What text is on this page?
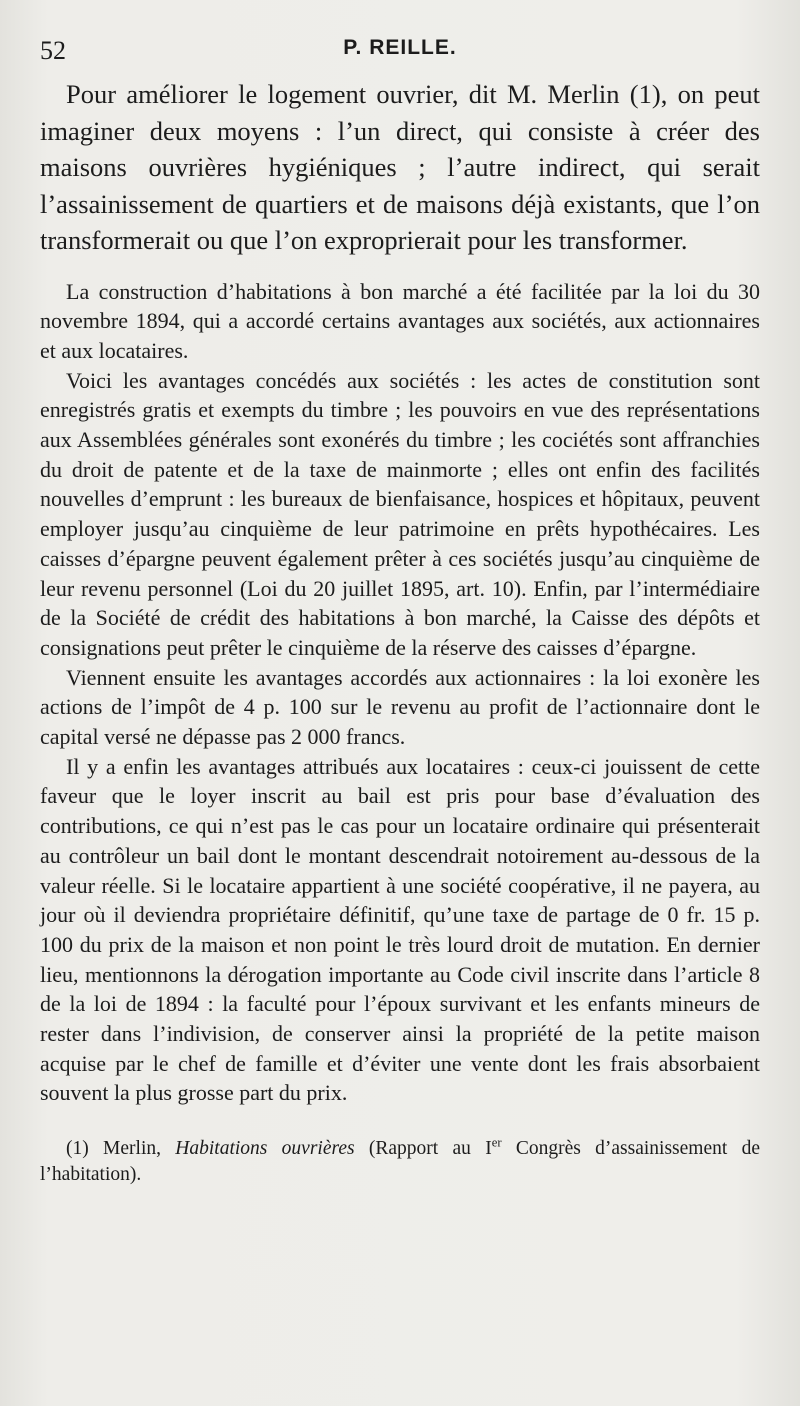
52	P. REILLE.

Pour améliorer le logement ouvrier, dit M. Merlin (1), on peut imaginer deux moyens : l’un direct, qui consiste à créer des maisons ouvrières hygiéniques ; l’autre indirect, qui serait l’assainissement de quartiers et de maisons déjà existants, que l’on transformerait ou que l’on exproprierait pour les transformer.

La construction d’habitations à bon marché a été facilitée par la loi du 30 novembre 1894, qui a accordé certains avantages aux sociétés, aux actionnaires et aux locataires.

Voici les avantages concédés aux sociétés : les actes de constitution sont enregistrés gratis et exempts du timbre ; les pouvoirs en vue des représentations aux Assemblées générales sont exonérés du timbre ; les cociétés sont affranchies du droit de patente et de la taxe de mainmorte ; elles ont enfin des facilités nouvelles d’emprunt : les bureaux de bienfaisance, hospices et hôpitaux, peuvent employer jusqu’au cinquième de leur patrimoine en prêts hypothécaires. Les caisses d’épargne peuvent également prêter à ces sociétés jusqu’au cinquième de leur revenu personnel (Loi du 20 juillet 1895, art. 10). Enfin, par l’intermédiaire de la Société de crédit des habitations à bon marché, la Caisse des dépôts et consignations peut prêter le cinquième de la réserve des caisses d’épargne.

Viennent ensuite les avantages accordés aux actionnaires : la loi exonère les actions de l’impôt de 4 p. 100 sur le revenu au profit de l’actionnaire dont le capital versé ne dépasse pas 2 000 francs.

Il y a enfin les avantages attribués aux locataires : ceux-ci jouissent de cette faveur que le loyer inscrit au bail est pris pour base d’évaluation des contributions, ce qui n’est pas le cas pour un locataire ordinaire qui présenterait au contrôleur un bail dont le montant descendrait notoirement au-dessous de la valeur réelle. Si le locataire appartient à une société coopérative, il ne payera, au jour où il deviendra propriétaire définitif, qu’une taxe de partage de 0 fr. 15 p. 100 du prix de la maison et non point le très lourd droit de mutation. En dernier lieu, mentionnons la dérogation importante au Code civil inscrite dans l’article 8 de la loi de 1894 : la faculté pour l’époux survivant et les enfants mineurs de rester dans l’indivision, de conserver ainsi la propriété de la petite maison acquise par le chef de famille et d’éviter une vente dont les frais absorbaient souvent la plus grosse part du prix.

(1) Merlin, Habitations ouvrières (Rapport au Ier Congrès d’assainissement de l’habitation).
